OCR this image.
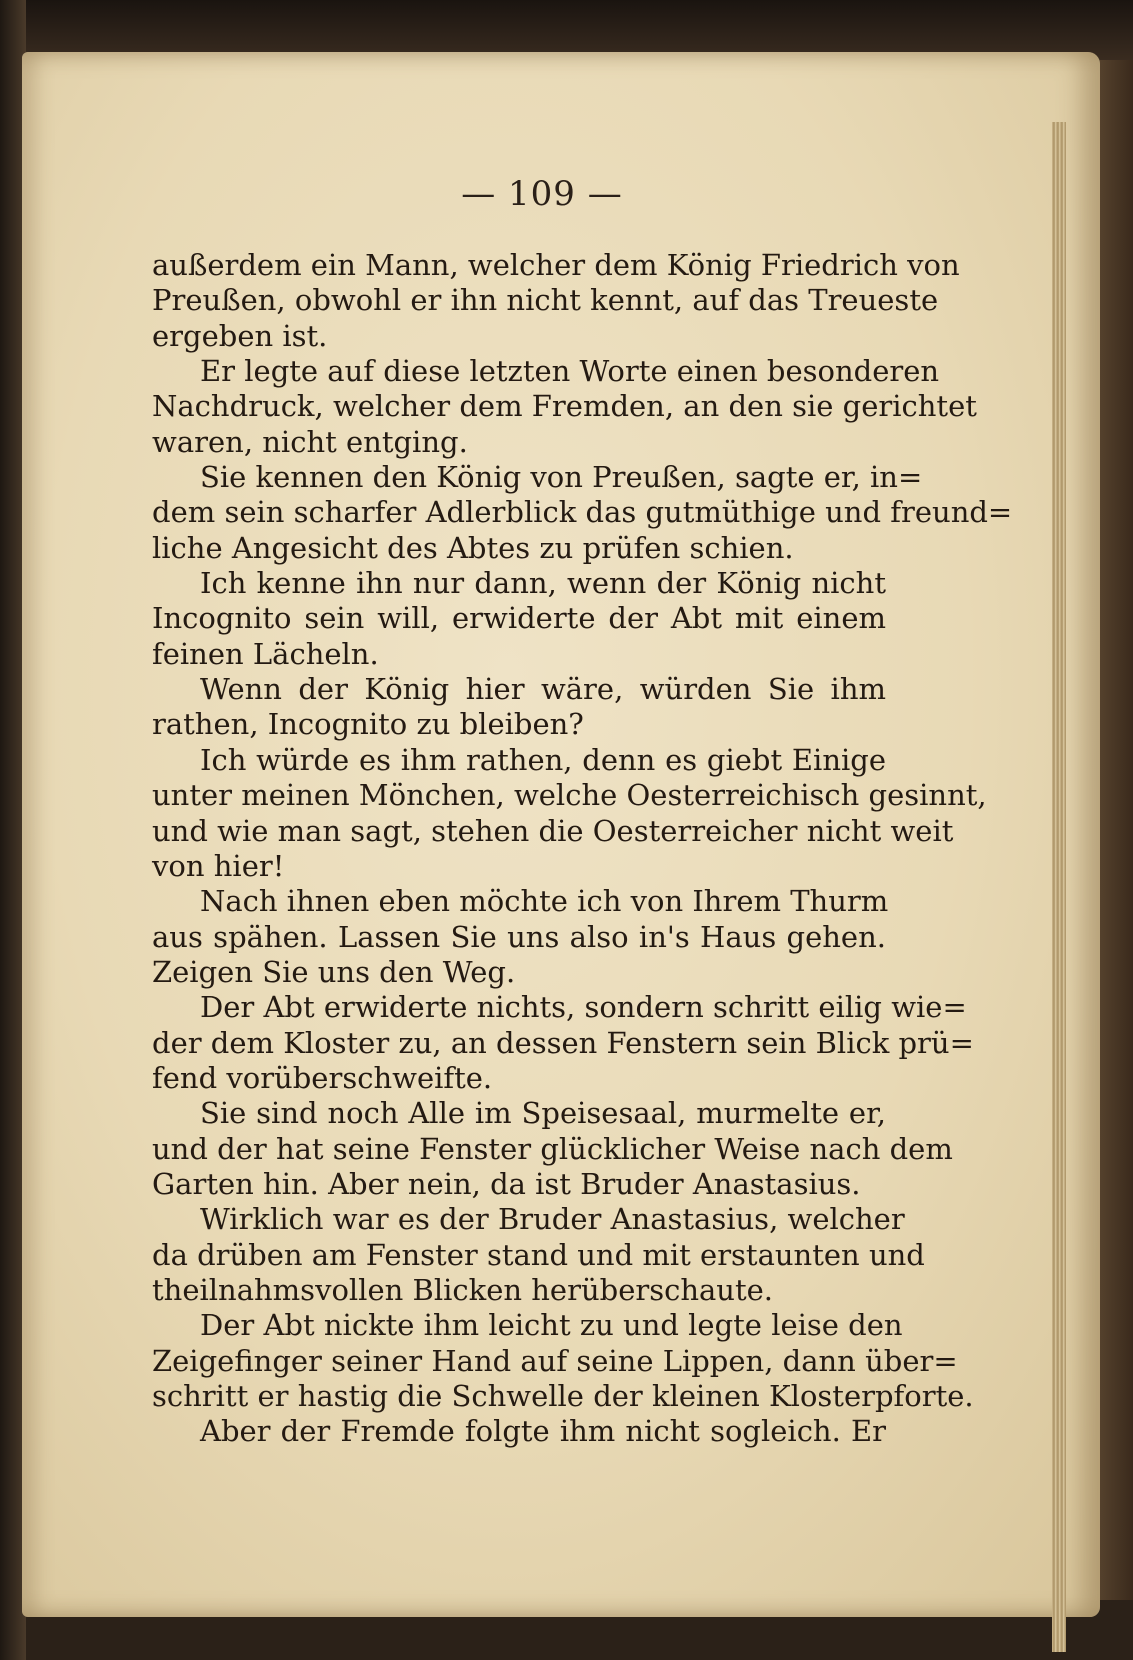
— 109 —
außerdem ein Mann, welcher dem König Friedrich von
Preußen, obwohl er ihn nicht kennt, auf das Treueste
ergeben ist.
Er legte auf diese letzten Worte einen besonderen
Nachdruck, welcher dem Fremden, an den sie gerichtet
waren, nicht entging.
Sie kennen den König von Preußen, sagte er, in=
dem sein scharfer Adlerblick das gutmüthige und freund=
liche Angesicht des Abtes zu prüfen schien.
Ich kenne ihn nur dann, wenn der König nicht
Incognito sein will, erwiderte der Abt mit einem
feinen Lächeln.
Wenn der König hier wäre, würden Sie ihm
rathen, Incognito zu bleiben?
Ich würde es ihm rathen, denn es giebt Einige
unter meinen Mönchen, welche Oesterreichisch gesinnt,
und wie man sagt, stehen die Oesterreicher nicht weit
von hier!
Nach ihnen eben möchte ich von Ihrem Thurm
aus spähen. Lassen Sie uns also in's Haus gehen.
Zeigen Sie uns den Weg.
Der Abt erwiderte nichts, sondern schritt eilig wie=
der dem Kloster zu, an dessen Fenstern sein Blick prü=
fend vorüberschweifte.
Sie sind noch Alle im Speisesaal, murmelte er,
und der hat seine Fenster glücklicher Weise nach dem
Garten hin. Aber nein, da ist Bruder Anastasius.
Wirklich war es der Bruder Anastasius, welcher
da drüben am Fenster stand und mit erstaunten und
theilnahmsvollen Blicken herüberschaute.
Der Abt nickte ihm leicht zu und legte leise den
Zeigefinger seiner Hand auf seine Lippen, dann über=
schritt er hastig die Schwelle der kleinen Klosterpforte.
Aber der Fremde folgte ihm nicht sogleich. Er
